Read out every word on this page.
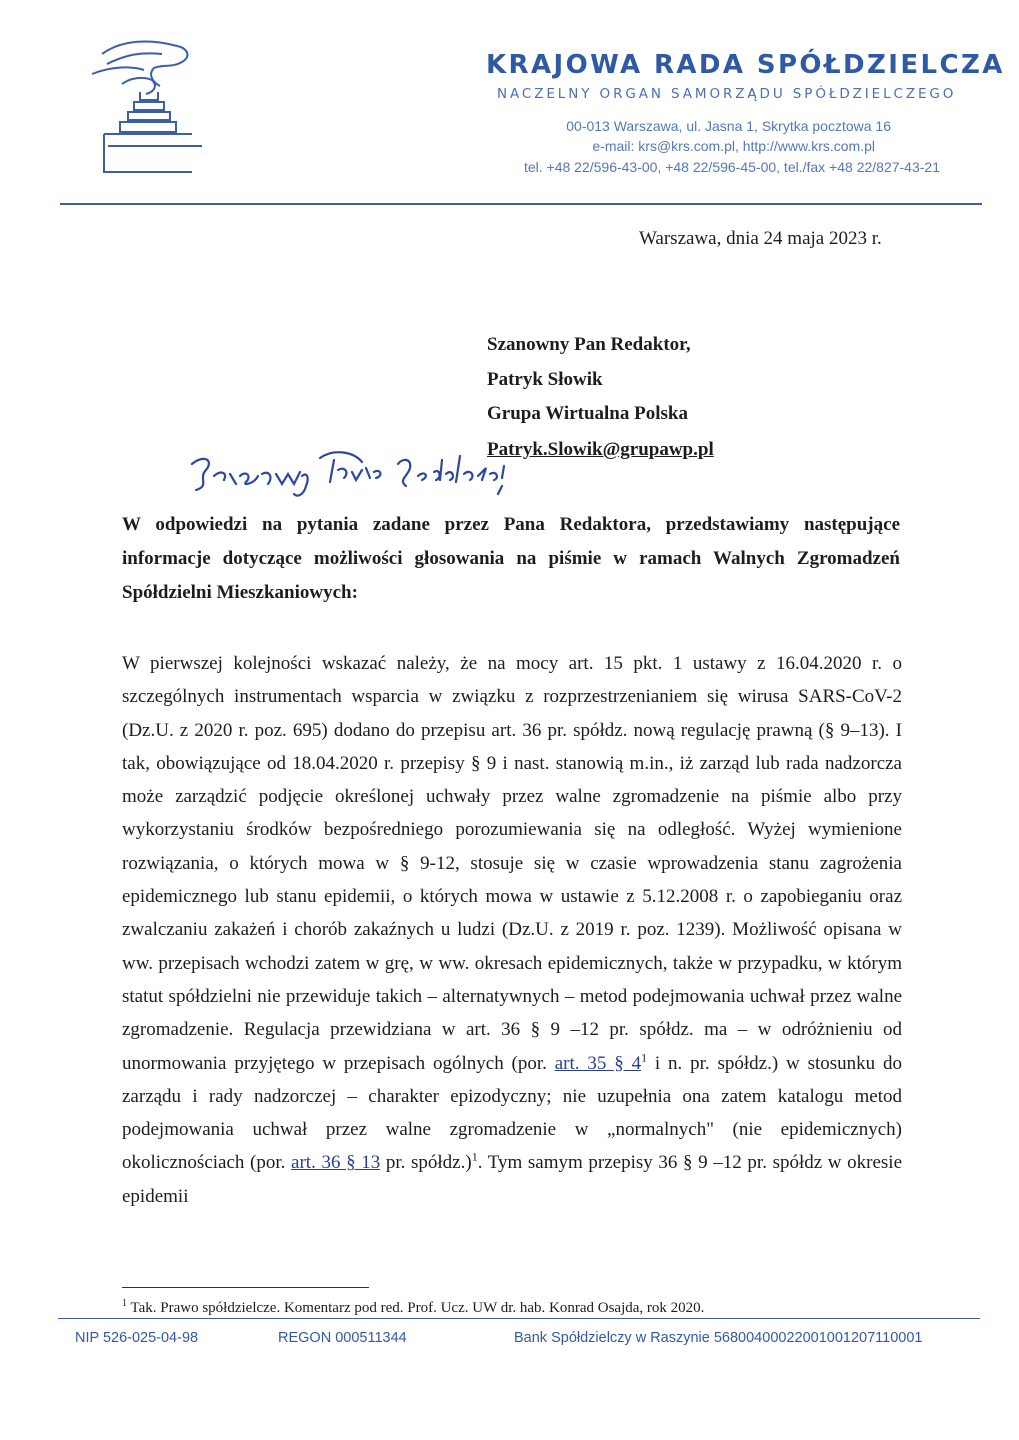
KRAJOWA RADA SPÓŁDZIELCZA
NACZELNY ORGAN SAMORZĄDU SPÓŁDZIELCZEGO
00-013 Warszawa, ul. Jasna 1, Skrytka pocztowa 16
e-mail: krs@krs.com.pl, http://www.krs.com.pl
tel. +48 22/596-43-00, +48 22/596-45-00, tel./fax +48 22/827-43-21
Warszawa, dnia 24 maja 2023 r.
Szanowny Pan Redaktor,
Patryk Słowik
Grupa Wirtualna Polska
Patryk.Slowik@grupawp.pl
W odpowiedzi na pytania zadane przez Pana Redaktora, przedstawiamy następujące informacje dotyczące możliwości głosowania na piśmie w ramach Walnych Zgromadzeń Spółdzielni Mieszkaniowych:
W pierwszej kolejności wskazać należy, że na mocy art. 15 pkt. 1 ustawy z 16.04.2020 r. o szczególnych instrumentach wsparcia w związku z rozprzestrzenianiem się wirusa SARS-CoV-2 (Dz.U. z 2020 r. poz. 695) dodano do przepisu art. 36 pr. spółdz. nową regulację prawną (§ 9–13). I tak, obowiązujące od 18.04.2020 r. przepisy § 9 i nast. stanowią m.in., iż zarząd lub rada nadzorcza może zarządzić podjęcie określonej uchwały przez walne zgromadzenie na piśmie albo przy wykorzystaniu środków bezpośredniego porozumiewania się na odległość. Wyżej wymienione rozwiązania, o których mowa w § 9-12, stosuje się w czasie wprowadzenia stanu zagrożenia epidemicznego lub stanu epidemii, o których mowa w ustawie z 5.12.2008 r. o zapobieganiu oraz zwalczaniu zakażeń i chorób zakaźnych u ludzi (Dz.U. z 2019 r. poz. 1239). Możliwość opisana w ww. przepisach wchodzi zatem w grę, w ww. okresach epidemicznych, także w przypadku, w którym statut spółdzielni nie przewiduje takich – alternatywnych – metod podejmowania uchwał przez walne zgromadzenie. Regulacja przewidziana w art. 36 § 9 –12 pr. spółdz. ma – w odróżnieniu od unormowania przyjętego w przepisach ogólnych (por. art. 35 § $4^1$ i n. pr. spółdz.) w stosunku do zarządu i rady nadzorczej – charakter epizodyczny; nie uzupełnia ona zatem katalogu metod podejmowania uchwał przez walne zgromadzenie w „normalnych" (nie epidemicznych) okolicznościach (por. art. 36 § 13 pr. spółdz.)$^1$. Tym samym przepisy 36 § 9 –12 pr. spółdz w okresie epidemii
$^1$ Tak. Prawo spółdzielcze. Komentarz pod red. Prof. Ucz. UW dr. hab. Konrad Osajda, rok 2020.
NIP 526-025-04-98	REGON 000511344	Bank Spółdzielczy w Raszynie 56800400022001001207110001
